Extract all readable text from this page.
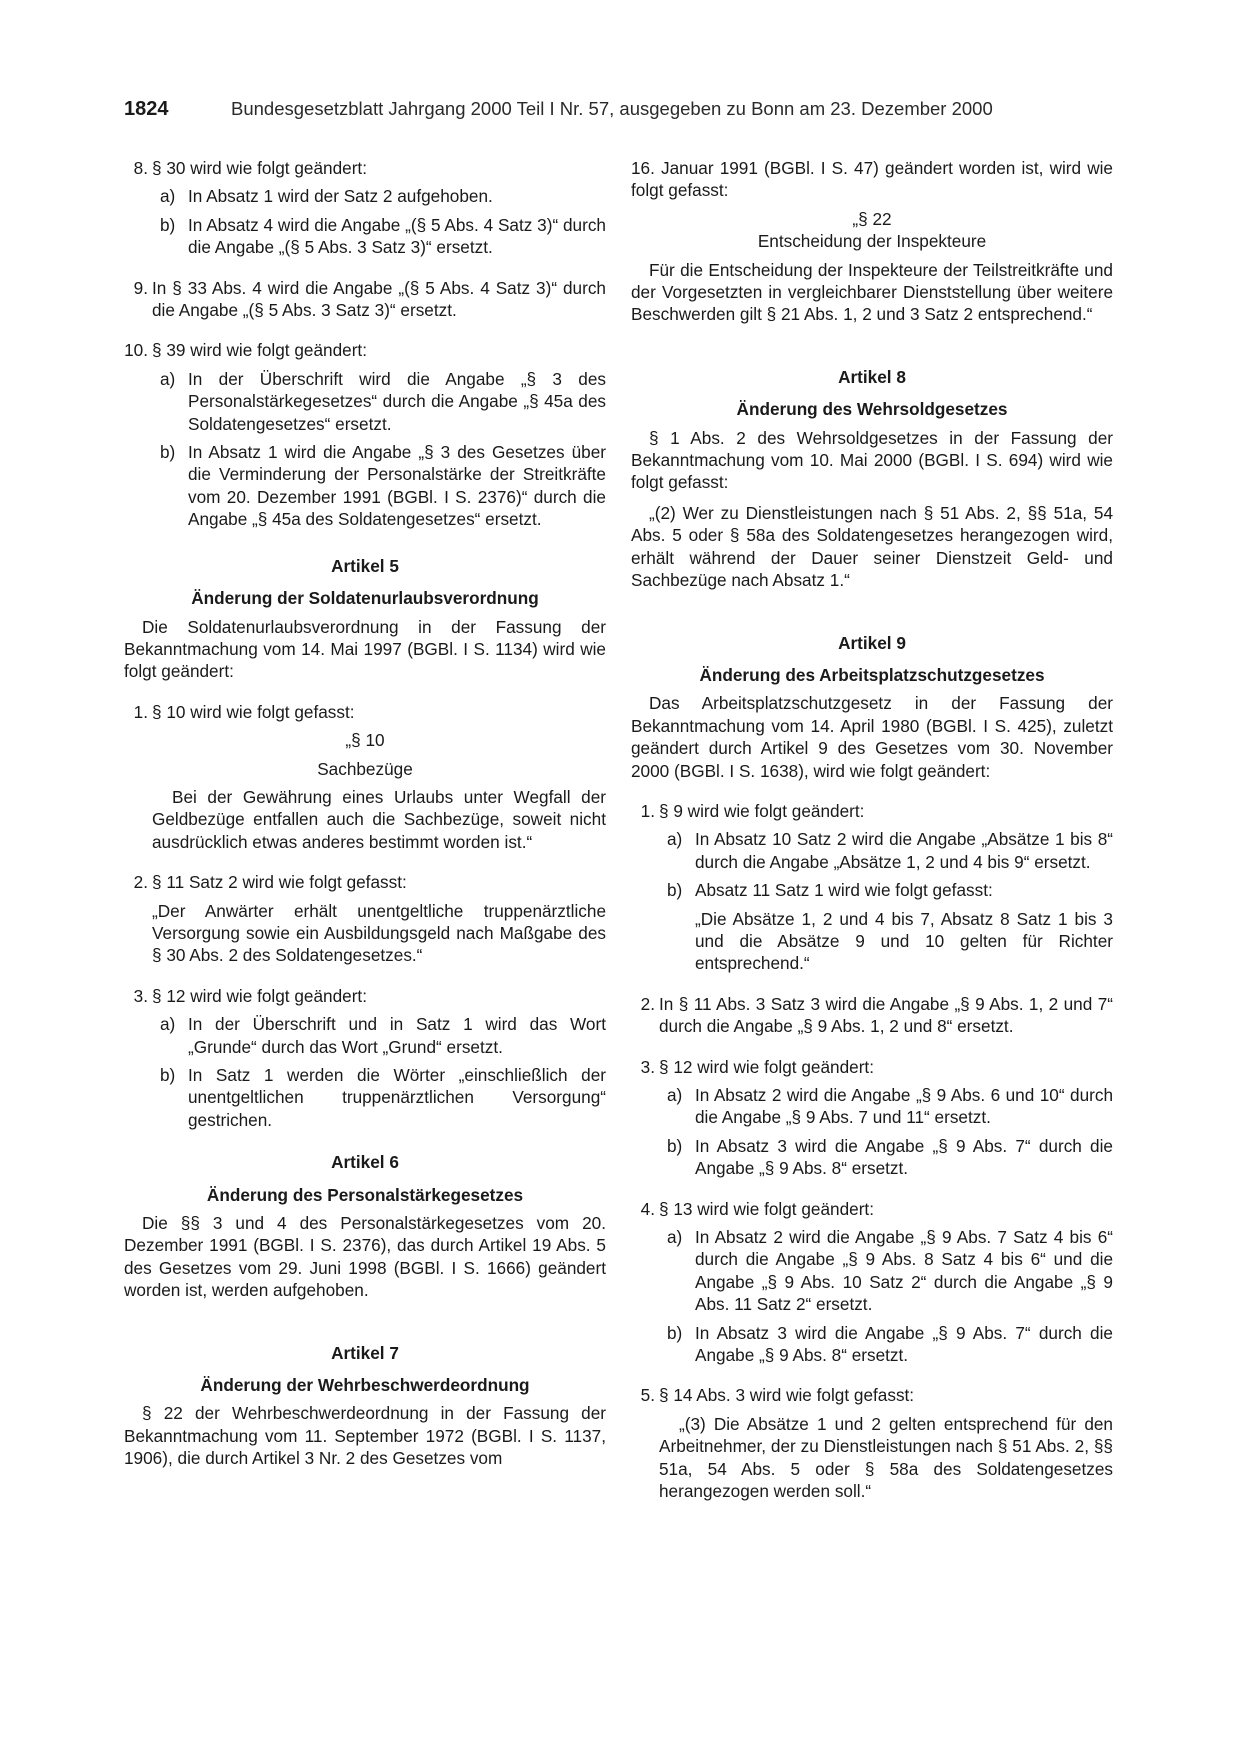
1824	Bundesgesetzblatt Jahrgang 2000 Teil I Nr. 57, ausgegeben zu Bonn am 23. Dezember 2000
8. § 30 wird wie folgt geändert:
a) In Absatz 1 wird der Satz 2 aufgehoben.
b) In Absatz 4 wird die Angabe „(§ 5 Abs. 4 Satz 3)“ durch die Angabe „(§ 5 Abs. 3 Satz 3)“ ersetzt.
9. In § 33 Abs. 4 wird die Angabe „(§ 5 Abs. 4 Satz 3)“ durch die Angabe „(§ 5 Abs. 3 Satz 3)“ ersetzt.
10. § 39 wird wie folgt geändert:
a) In der Überschrift wird die Angabe „§ 3 des Personalstärkegesetzes“ durch die Angabe „§ 45a des Soldatengesetzes“ ersetzt.
b) In Absatz 1 wird die Angabe „§ 3 des Gesetzes über die Verminderung der Personalstärke der Streitkräfte vom 20. Dezember 1991 (BGBl. I S. 2376)“ durch die Angabe „§ 45a des Soldatengesetzes“ ersetzt.
Artikel 5
Änderung der Soldatenurlaubsverordnung

Die Soldatenurlaubsverordnung in der Fassung der Bekanntmachung vom 14. Mai 1997 (BGBl. I S. 1134) wird wie folgt geändert:

1. § 10 wird wie folgt gefasst:
„§ 10
Sachbezüge

Bei der Gewährung eines Urlaubs unter Wegfall der Geldbezüge entfallen auch die Sachbezüge, soweit nicht ausdrücklich etwas anderes bestimmt worden ist.“

2. § 11 Satz 2 wird wie folgt gefasst:

„Der Anwärter erhält unentgeltliche truppenärztliche Versorgung sowie ein Ausbildungsgeld nach Maßgabe des § 30 Abs. 2 des Soldatengesetzes.“

3. § 12 wird wie folgt geändert:
a) In der Überschrift und in Satz 1 wird das Wort „Grunde“ durch das Wort „Grund“ ersetzt.
b) In Satz 1 werden die Wörter „einschließlich der unentgeltlichen truppenärztlichen Versorgung“ gestrichen.
Artikel 6
Änderung des Personalstärkegesetzes

Die §§ 3 und 4 des Personalstärkegesetzes vom 20. Dezember 1991 (BGBl. I S. 2376), das durch Artikel 19 Abs. 5 des Gesetzes vom 29. Juni 1998 (BGBl. I S. 1666) geändert worden ist, werden aufgehoben.

Artikel 7
Änderung der Wehrbeschwerdeordnung

§ 22 der Wehrbeschwerdeordnung in der Fassung der Bekanntmachung vom 11. September 1972 (BGBl. I S. 1137, 1906), die durch Artikel 3 Nr. 2 des Gesetzes vom

16. Januar 1991 (BGBl. I S. 47) geändert worden ist, wird wie folgt gefasst:

„§ 22
Entscheidung der Inspekteure

Für die Entscheidung der Inspekteure der Teilstreitkräfte und der Vorgesetzten in vergleichbarer Dienststellung über weitere Beschwerden gilt § 21 Abs. 1, 2 und 3 Satz 2 entsprechend.“

Artikel 8
Änderung des Wehrsoldgesetzes

§ 1 Abs. 2 des Wehrsoldgesetzes in der Fassung der Bekanntmachung vom 10. Mai 2000 (BGBl. I S. 694) wird wie folgt gefasst:

„(2) Wer zu Dienstleistungen nach § 51 Abs. 2, §§ 51a, 54 Abs. 5 oder § 58a des Soldatengesetzes herangezogen wird, erhält während der Dauer seiner Dienstzeit Geld- und Sachbezüge nach Absatz 1.“

Artikel 9
Änderung des Arbeitsplatzschutzgesetzes

Das Arbeitsplatzschutzgesetz in der Fassung der Bekanntmachung vom 14. April 1980 (BGBl. I S. 425), zuletzt geändert durch Artikel 9 des Gesetzes vom 30. November 2000 (BGBl. I S. 1638), wird wie folgt geändert:

1. § 9 wird wie folgt geändert:
a) In Absatz 10 Satz 2 wird die Angabe „Absätze 1 bis 8“ durch die Angabe „Absätze 1, 2 und 4 bis 9“ ersetzt.
b) Absatz 11 Satz 1 wird wie folgt gefasst:

„Die Absätze 1, 2 und 4 bis 7, Absatz 8 Satz 1 bis 3 und die Absätze 9 und 10 gelten für Richter entsprechend.“

2. In § 11 Abs. 3 Satz 3 wird die Angabe „§ 9 Abs. 1, 2 und 7“ durch die Angabe „§ 9 Abs. 1, 2 und 8“ ersetzt.
3. § 12 wird wie folgt geändert:
a) In Absatz 2 wird die Angabe „§ 9 Abs. 6 und 10“ durch die Angabe „§ 9 Abs. 7 und 11“ ersetzt.
b) In Absatz 3 wird die Angabe „§ 9 Abs. 7“ durch die Angabe „§ 9 Abs. 8“ ersetzt.
4. § 13 wird wie folgt geändert:
a) In Absatz 2 wird die Angabe „§ 9 Abs. 7 Satz 4 bis 6“ durch die Angabe „§ 9 Abs. 8 Satz 4 bis 6“ und die Angabe „§ 9 Abs. 10 Satz 2“ durch die Angabe „§ 9 Abs. 11 Satz 2“ ersetzt.
b) In Absatz 3 wird die Angabe „§ 9 Abs. 7“ durch die Angabe „§ 9 Abs. 8“ ersetzt.
5. § 14 Abs. 3 wird wie folgt gefasst:

„(3) Die Absätze 1 und 2 gelten entsprechend für den Arbeitnehmer, der zu Dienstleistungen nach § 51 Abs. 2, §§ 51a, 54 Abs. 5 oder § 58a des Soldatengesetzes herangezogen werden soll.“
